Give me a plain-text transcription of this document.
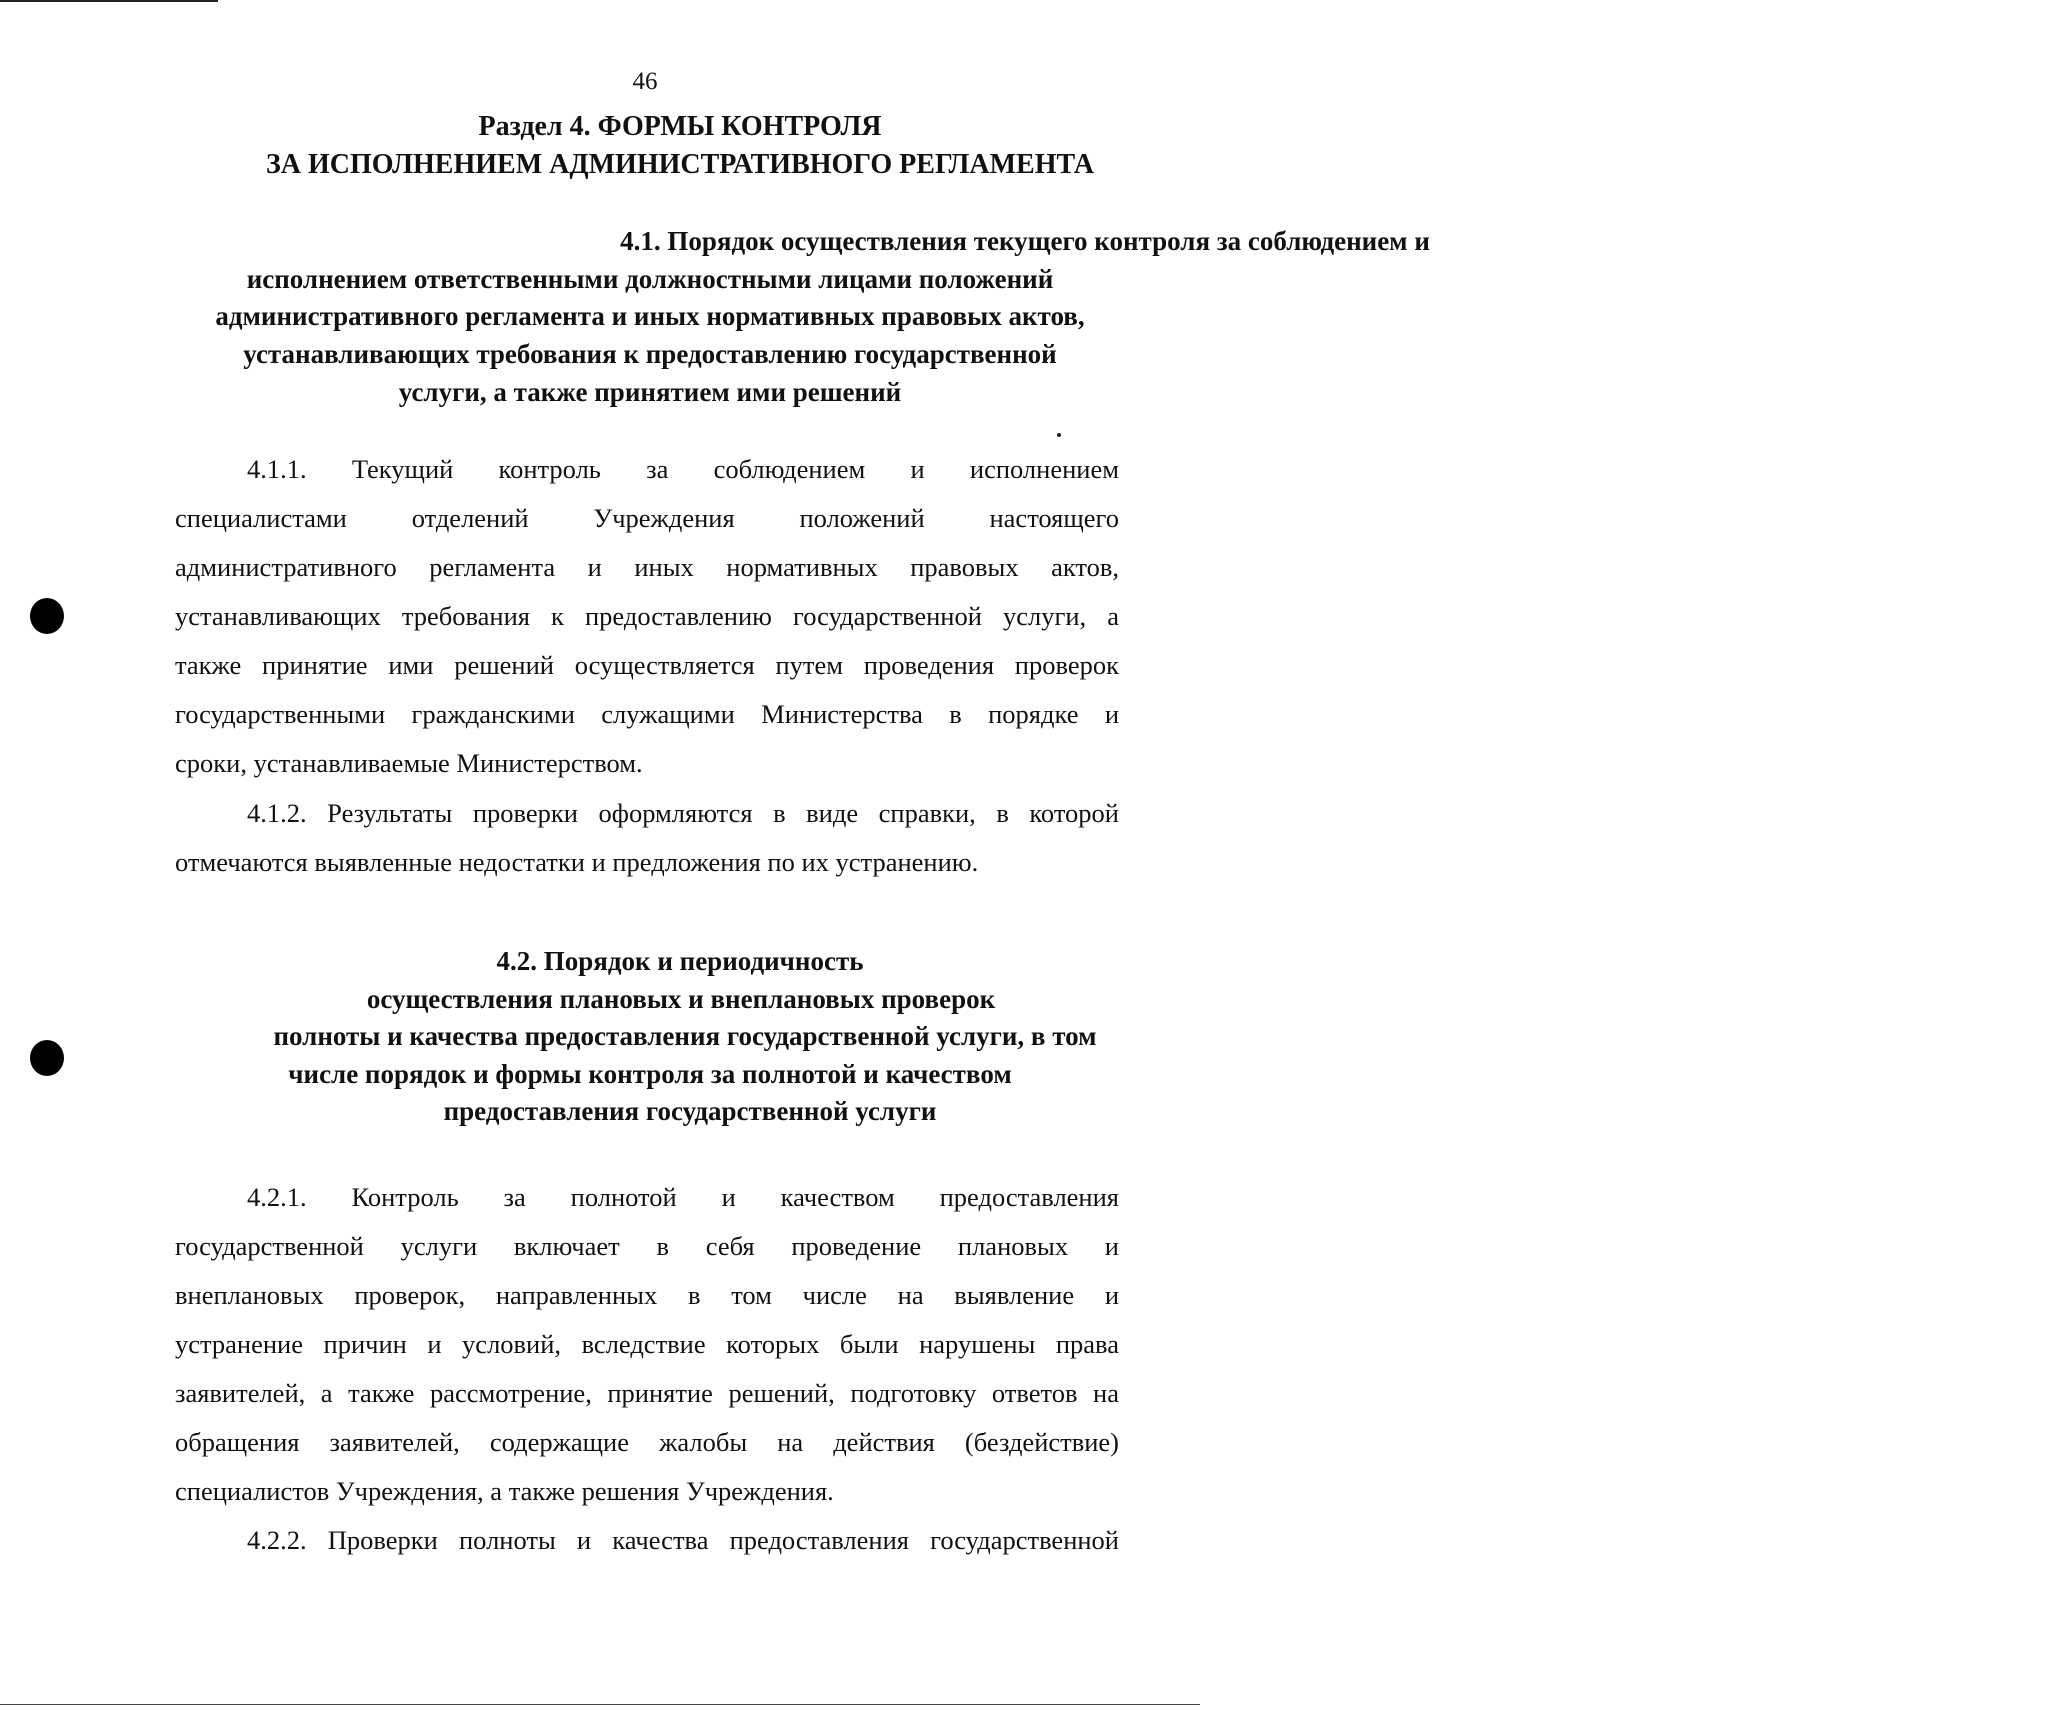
46
Раздел 4. ФОРМЫ КОНТРОЛЯ
ЗА ИСПОЛНЕНИЕМ АДМИНИСТРАТИВНОГО РЕГЛАМЕНТА
4.1. Порядок осуществления текущего контроля за соблюдением и
исполнением ответственными должностными лицами положений
административного регламента и иных нормативных правовых актов,
устанавливающих требования к предоставлению государственной
услуги, а также принятием ими решений
4.1.1. Текущий контроль за соблюдением и исполнением
специалистами отделений Учреждения положений настоящего
административного регламента и иных нормативных правовых актов,
устанавливающих требования к предоставлению государственной услуги, а
также принятие ими решений осуществляется путем проведения проверок
государственными гражданскими служащими Министерства в порядке и
сроки, устанавливаемые Министерством.
4.1.2. Результаты проверки оформляются в виде справки, в которой
отмечаются выявленные недостатки и предложения по их устранению.
4.2. Порядок и периодичность
осуществления плановых и внеплановых проверок
полноты и качества предоставления государственной услуги, в том
числе порядок и формы контроля за полнотой и качеством
предоставления государственной услуги
4.2.1. Контроль за полнотой и качеством предоставления
государственной услуги включает в себя проведение плановых и
внеплановых проверок, направленных в том числе на выявление и
устранение причин и условий, вследствие которых были нарушены права
заявителей, а также рассмотрение, принятие решений, подготовку ответов на
обращения заявителей, содержащие жалобы на действия (бездействие)
специалистов Учреждения, а также решения Учреждения.
4.2.2. Проверки полноты и качества предоставления государственной
